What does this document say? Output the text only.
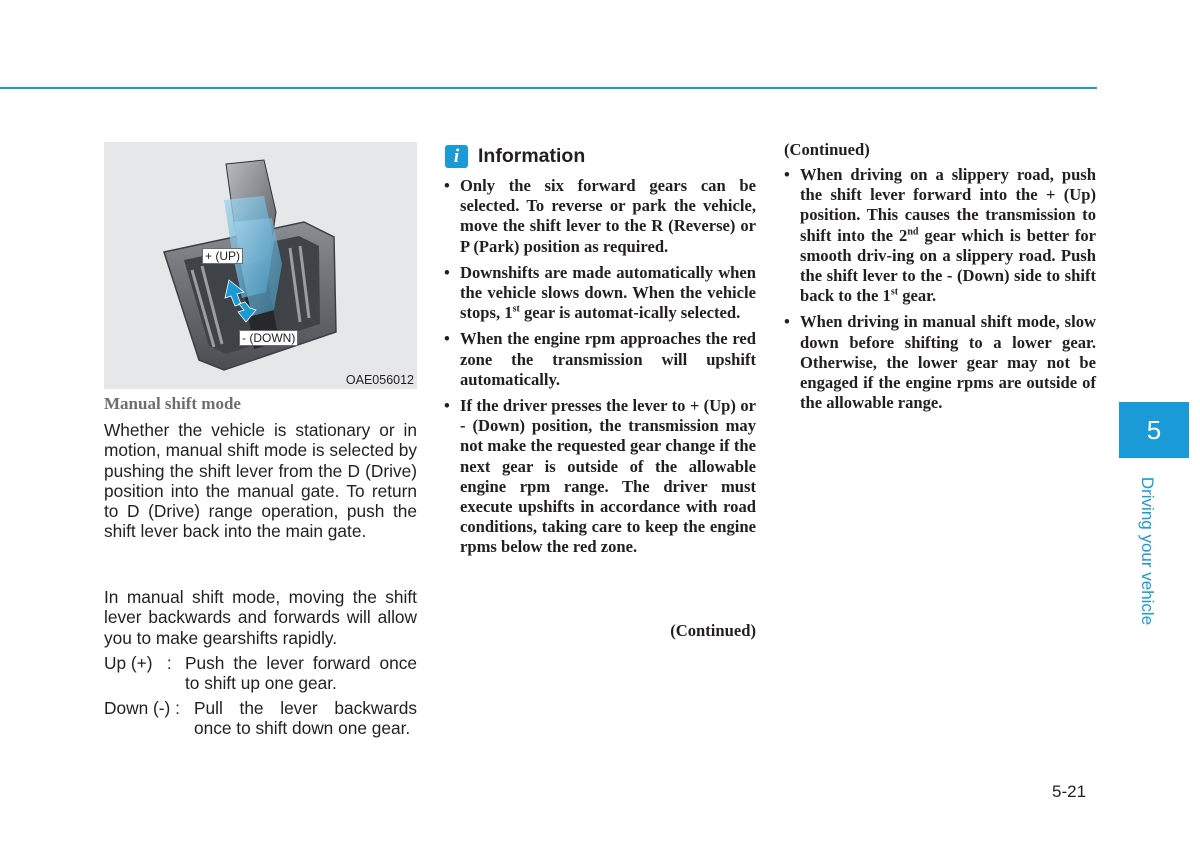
+ (UP)
- (DOWN)
OAE056012
Manual shift mode

Whether the vehicle is stationary or in motion, manual shift mode is selected by pushing the shift lever from the D (Drive) position into the manual gate. To return to D (Drive) range operation, push the shift lever back into the main gate.

In manual shift mode, moving the shift lever backwards and forwards will allow you to make gearshifts rapidly.

Up (+) : Push the lever forward once to shift up one gear.
Down (-) : Pull the lever backwards once to shift down one gear.
i Information
• Only the six forward gears can be selected. To reverse or park the vehicle, move the shift lever to the R (Reverse) or P (Park) position as required.
• Downshifts are made automatically when the vehicle slows down. When the vehicle stops, 1st gear is automat-ically selected.
• When the engine rpm approaches the red zone the transmission will upshift automatically.
• If the driver presses the lever to + (Up) or - (Down) position, the transmission may not make the requested gear change if the next gear is outside of the allowable engine rpm range. The driver must execute upshifts in accordance with road conditions, taking care to keep the engine rpms below the red zone.
(Continued)
(Continued)
• When driving on a slippery road, push the shift lever forward into the + (Up) position. This causes the transmission to shift into the 2nd gear which is better for smooth driv-ing on a slippery road. Push the shift lever to the - (Down) side to shift back to the 1st gear.
• When driving in manual shift mode, slow down before shifting to a lower gear. Otherwise, the lower gear may not be engaged if the engine rpms are outside of the allowable range.
5
Driving your vehicle
5-21
